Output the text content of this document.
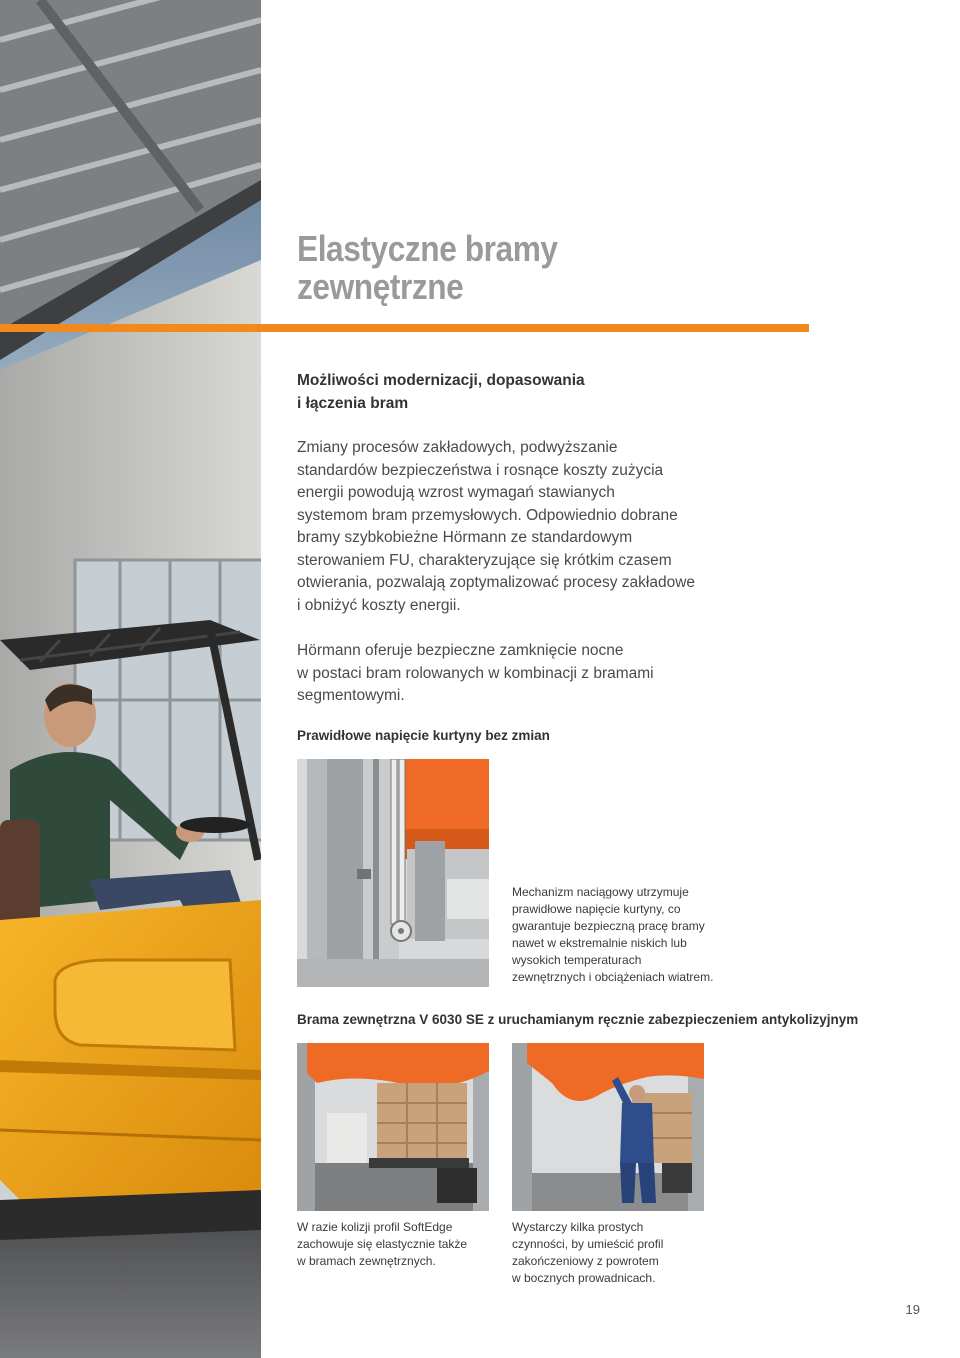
Elastyczne bramy
zewnętrzne
Możliwości modernizacji, dopasowania
i łączenia bram

Zmiany procesów zakładowych, podwyższanie
standardów bezpieczeństwa i rosnące koszty zużycia
energii powodują wzrost wymagań stawianych
systemom bram przemysłowych. Odpowiednio dobrane
bramy szybkobieżne Hörmann ze standardowym
sterowaniem FU, charakteryzujące się krótkim czasem
otwierania, pozwalają zoptymalizować procesy zakładowe
i obniżyć koszty energii.

Hörmann oferuje bezpieczne zamknięcie nocne
w postaci bram rolowanych w kombinacji z bramami
segmentowymi.

Prawidłowe napięcie kurtyny bez zmian
Mechanizm naciągowy utrzymuje
prawidłowe napięcie kurtyny, co
gwarantuje bezpieczną pracę bramy
nawet w ekstremalnie niskich lub
wysokich temperaturach
zewnętrznych i obciążeniach wiatrem.
Brama zewnętrzna V 6030 SE z uruchamianym ręcznie zabezpieczeniem antykolizyjnym
W razie kolizji profil SoftEdge
zachowuje się elastycznie także
w bramach zewnętrznych.
Wystarczy kilka prostych
czynności, by umieścić profil
zakończeniowy z powrotem
w bocznych prowadnicach.
19
